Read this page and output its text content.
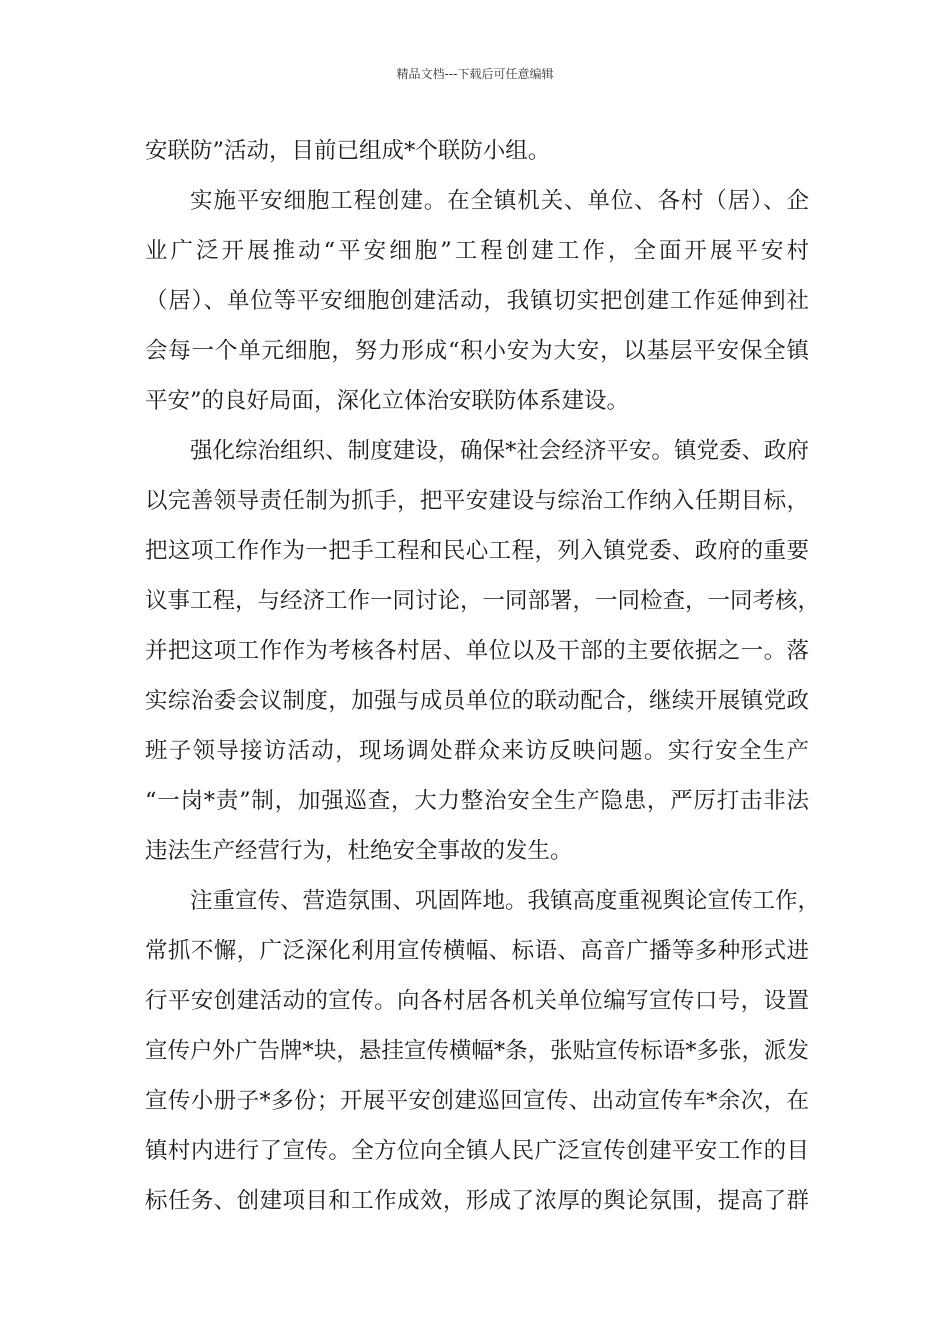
精品文档---下载后可任意编辑
安联防”活动，目前已组成*个联防小组。
实施平安细胞工程创建。在全镇机关、单位、各村（居）、企
业广泛开展推动“平安细胞”工程创建工作，全面开展平安村
（居）、单位等平安细胞创建活动，我镇切实把创建工作延伸到社
会每一个单元细胞，努力形成“积小安为大安，以基层平安保全镇
平安”的良好局面，深化立体治安联防体系建设。
强化综治组织、制度建设，确保*社会经济平安。镇党委、政府
以完善领导责任制为抓手，把平安建设与综治工作纳入任期目标，
把这项工作作为一把手工程和民心工程，列入镇党委、政府的重要
议事工程，与经济工作一同讨论，一同部署，一同检查，一同考核，
并把这项工作作为考核各村居、单位以及干部的主要依据之一。落
实综治委会议制度，加强与成员单位的联动配合，继续开展镇党政
班子领导接访活动，现场调处群众来访反映问题。实行安全生产
“一岗*责”制，加强巡查，大力整治安全生产隐患，严厉打击非法
违法生产经营行为，杜绝安全事故的发生。
注重宣传、营造氛围、巩固阵地。我镇高度重视舆论宣传工作，
常抓不懈，广泛深化利用宣传横幅、标语、高音广播等多种形式进
行平安创建活动的宣传。向各村居各机关单位编写宣传口号，设置
宣传户外广告牌*块，悬挂宣传横幅*条，张贴宣传标语*多张，派发
宣传小册子*多份；开展平安创建巡回宣传、出动宣传车*余次，在
镇村内进行了宣传。全方位向全镇人民广泛宣传创建平安工作的目
标任务、创建项目和工作成效，形成了浓厚的舆论氛围，提高了群
